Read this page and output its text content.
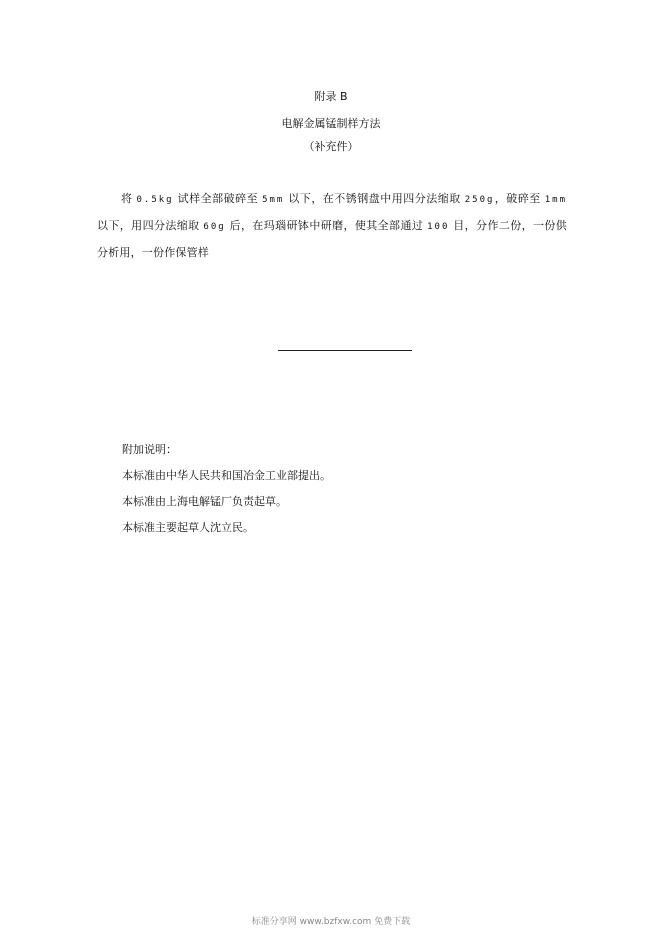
附录 B
电解金属锰制样方法
（补充件）

将 0.5kg 试样全部破碎至 5mm 以下，在不锈钢盘中用四分法缩取 250g，破碎至 1mm 以下，用四分法缩取 60g 后，在玛瑙研钵中研磨，使其全部通过 100 目，分作二份，一份供分析用，一份作保管样

附加说明：
本标准由中华人民共和国冶金工业部提出。
本标准由上海电解锰厂负责起草。
本标准主要起草人沈立民。
标准分享网 www.bzfxw.com 免费下载
